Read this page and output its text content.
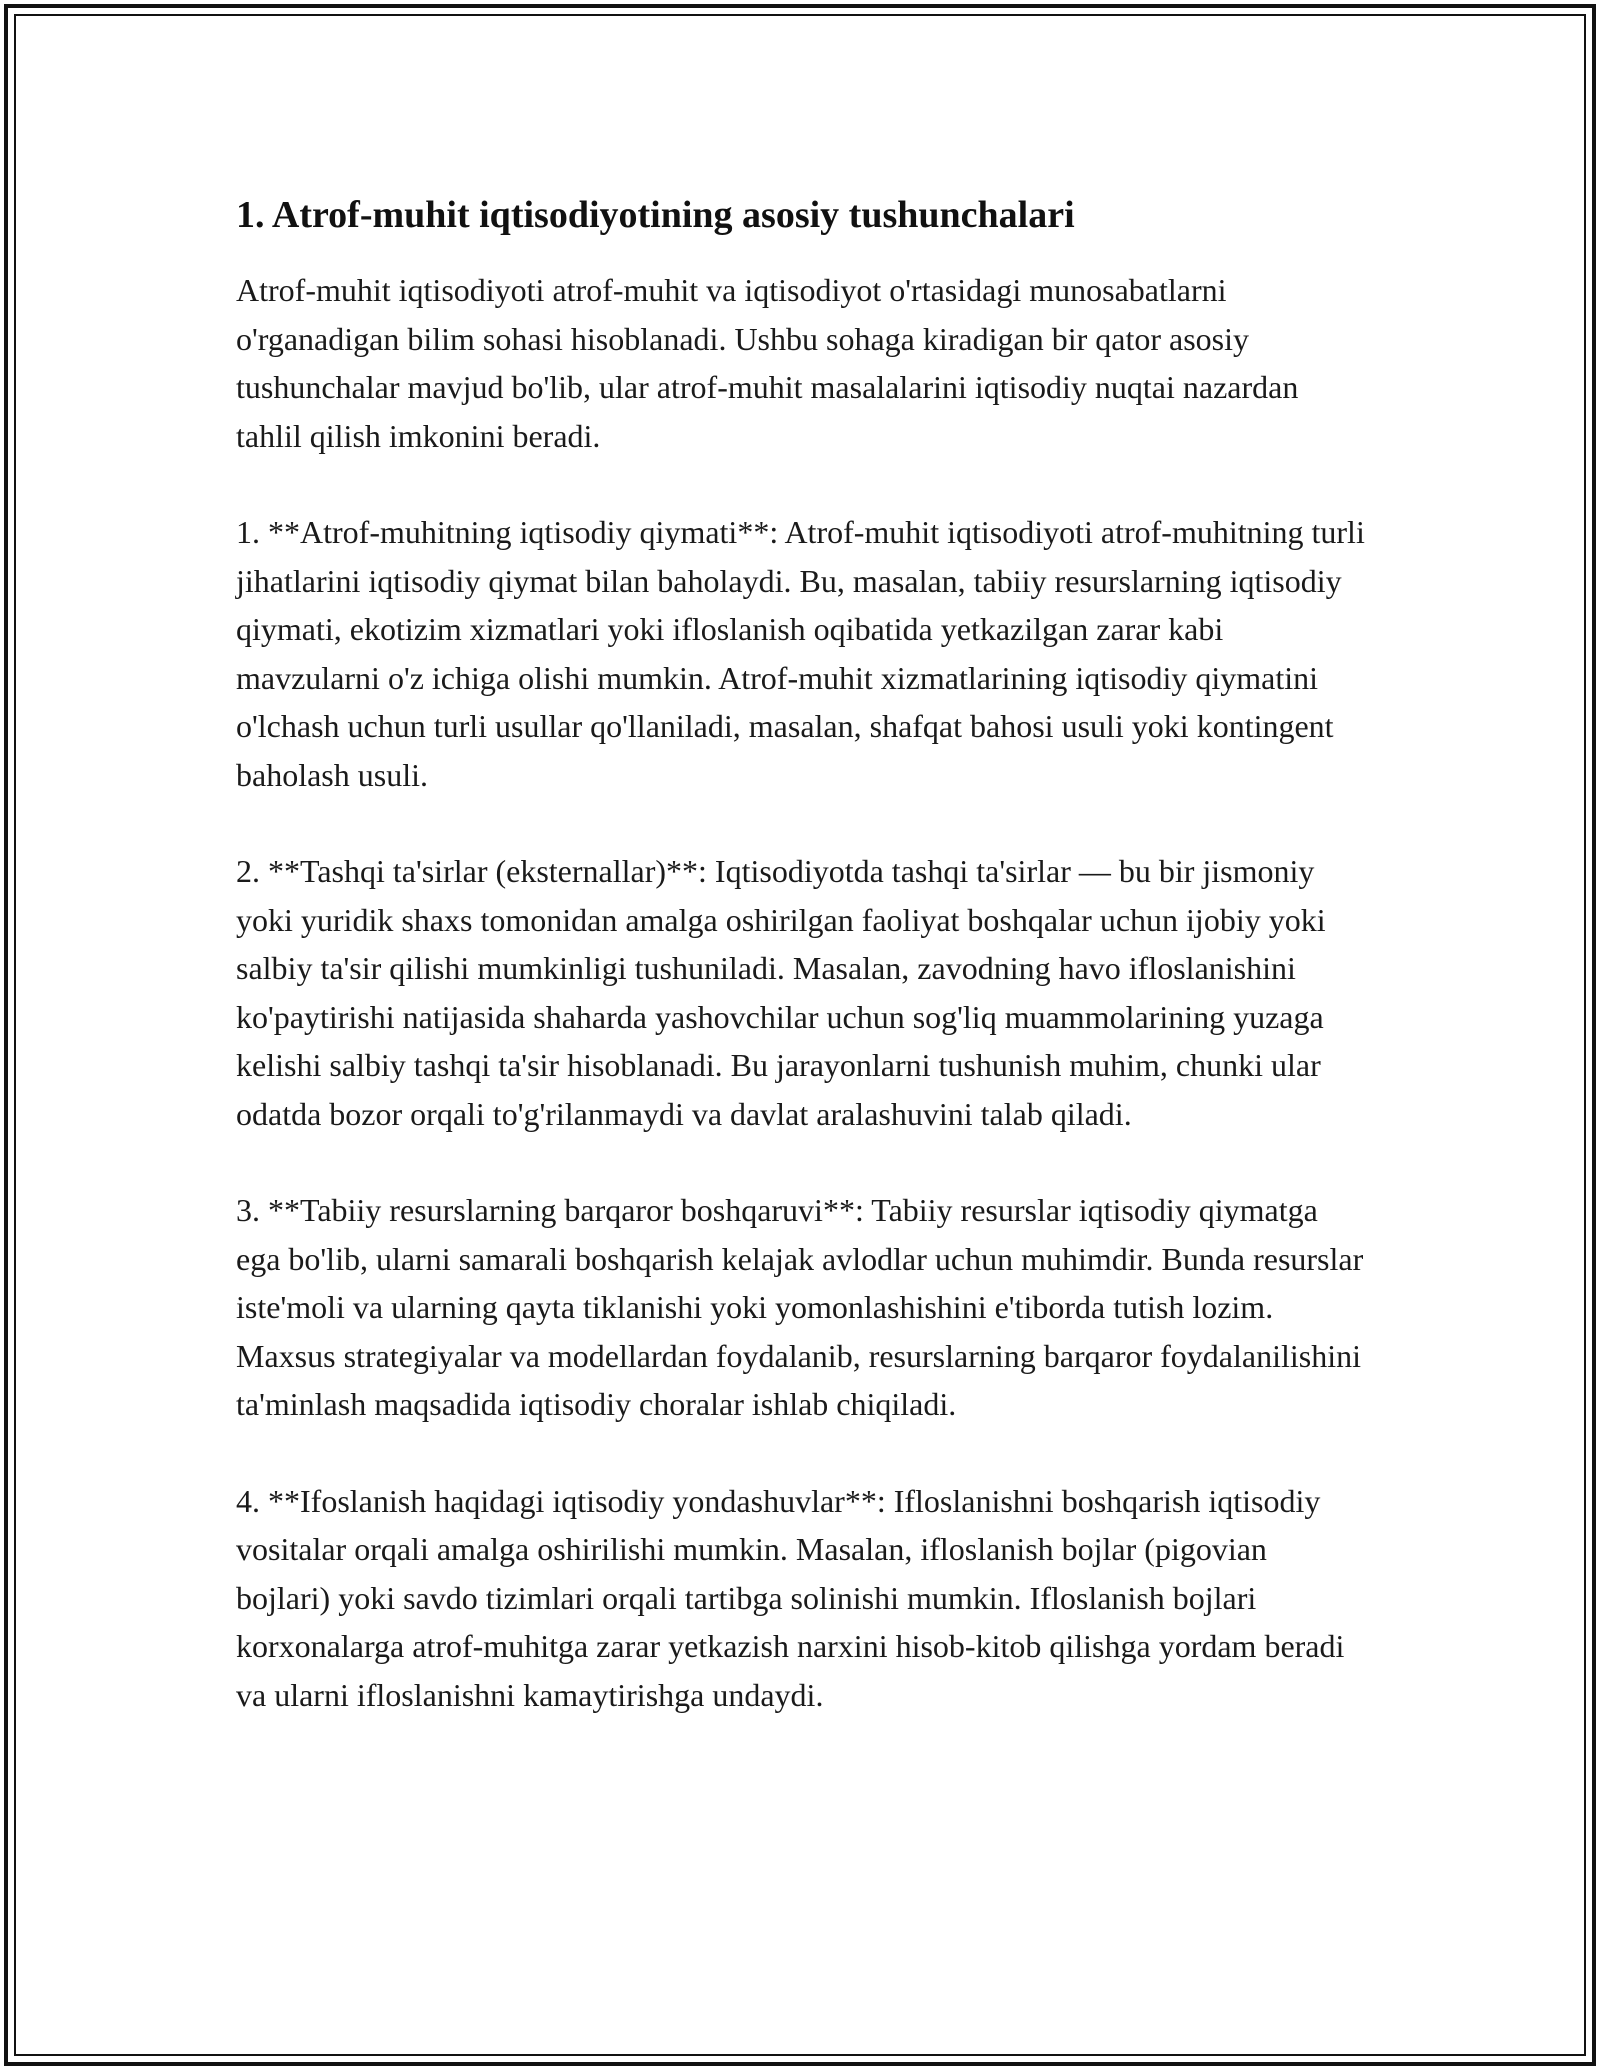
1. Atrof-muhit iqtisodiyotining asosiy tushunchalari

Atrof-muhit iqtisodiyoti atrof-muhit va iqtisodiyot o'rtasidagi munosabatlarni o'rganadigan bilim sohasi hisoblanadi. Ushbu sohaga kiradigan bir qator asosiy tushunchalar mavjud bo'lib, ular atrof-muhit masalalarini iqtisodiy nuqtai nazardan tahlil qilish imkonini beradi.

1. **Atrof-muhitning iqtisodiy qiymati**: Atrof-muhit iqtisodiyoti atrof-muhitning turli jihatlarini iqtisodiy qiymat bilan baholaydi. Bu, masalan, tabiiy resurslarning iqtisodiy qiymati, ekotizim xizmatlari yoki ifloslanish oqibatida yetkazilgan zarar kabi mavzularni o'z ichiga olishi mumkin. Atrof-muhit xizmatlarining iqtisodiy qiymatini o'lchash uchun turli usullar qo'llaniladi, masalan, shafqat bahosi usuli yoki kontingent baholash usuli.

2. **Tashqi ta'sirlar (eksternallar)**: Iqtisodiyotda tashqi ta'sirlar — bu bir jismoniy yoki yuridik shaxs tomonidan amalga oshirilgan faoliyat boshqalar uchun ijobiy yoki salbiy ta'sir qilishi mumkinligi tushuniladi. Masalan, zavodning havo ifloslanishini ko'paytirishi natijasida shaharda yashovchilar uchun sog'liq muammolarining yuzaga kelishi salbiy tashqi ta'sir hisoblanadi. Bu jarayonlarni tushunish muhim, chunki ular odatda bozor orqali to'g'rilanmaydi va davlat aralashuvini talab qiladi.

3. **Tabiiy resurslarning barqaror boshqaruvi**: Tabiiy resurslar iqtisodiy qiymatga ega bo'lib, ularni samarali boshqarish kelajak avlodlar uchun muhimdir. Bunda resurslar iste'moli va ularning qayta tiklanishi yoki yomonlashishini e'tiborda tutish lozim. Maxsus strategiyalar va modellardan foydalanib, resurslarning barqaror foydalanilishini ta'minlash maqsadida iqtisodiy choralar ishlab chiqiladi.

4. **Ifoslanish haqidagi iqtisodiy yondashuvlar**: Ifloslanishni boshqarish iqtisodiy vositalar orqali amalga oshirilishi mumkin. Masalan, ifloslanish bojlar (pigovian bojlari) yoki savdo tizimlari orqali tartibga solinishi mumkin. Ifloslanish bojlari korxonalarga atrof-muhitga zarar yetkazish narxini hisob-kitob qilishga yordam beradi va ularni ifloslanishni kamaytirishga undaydi.
